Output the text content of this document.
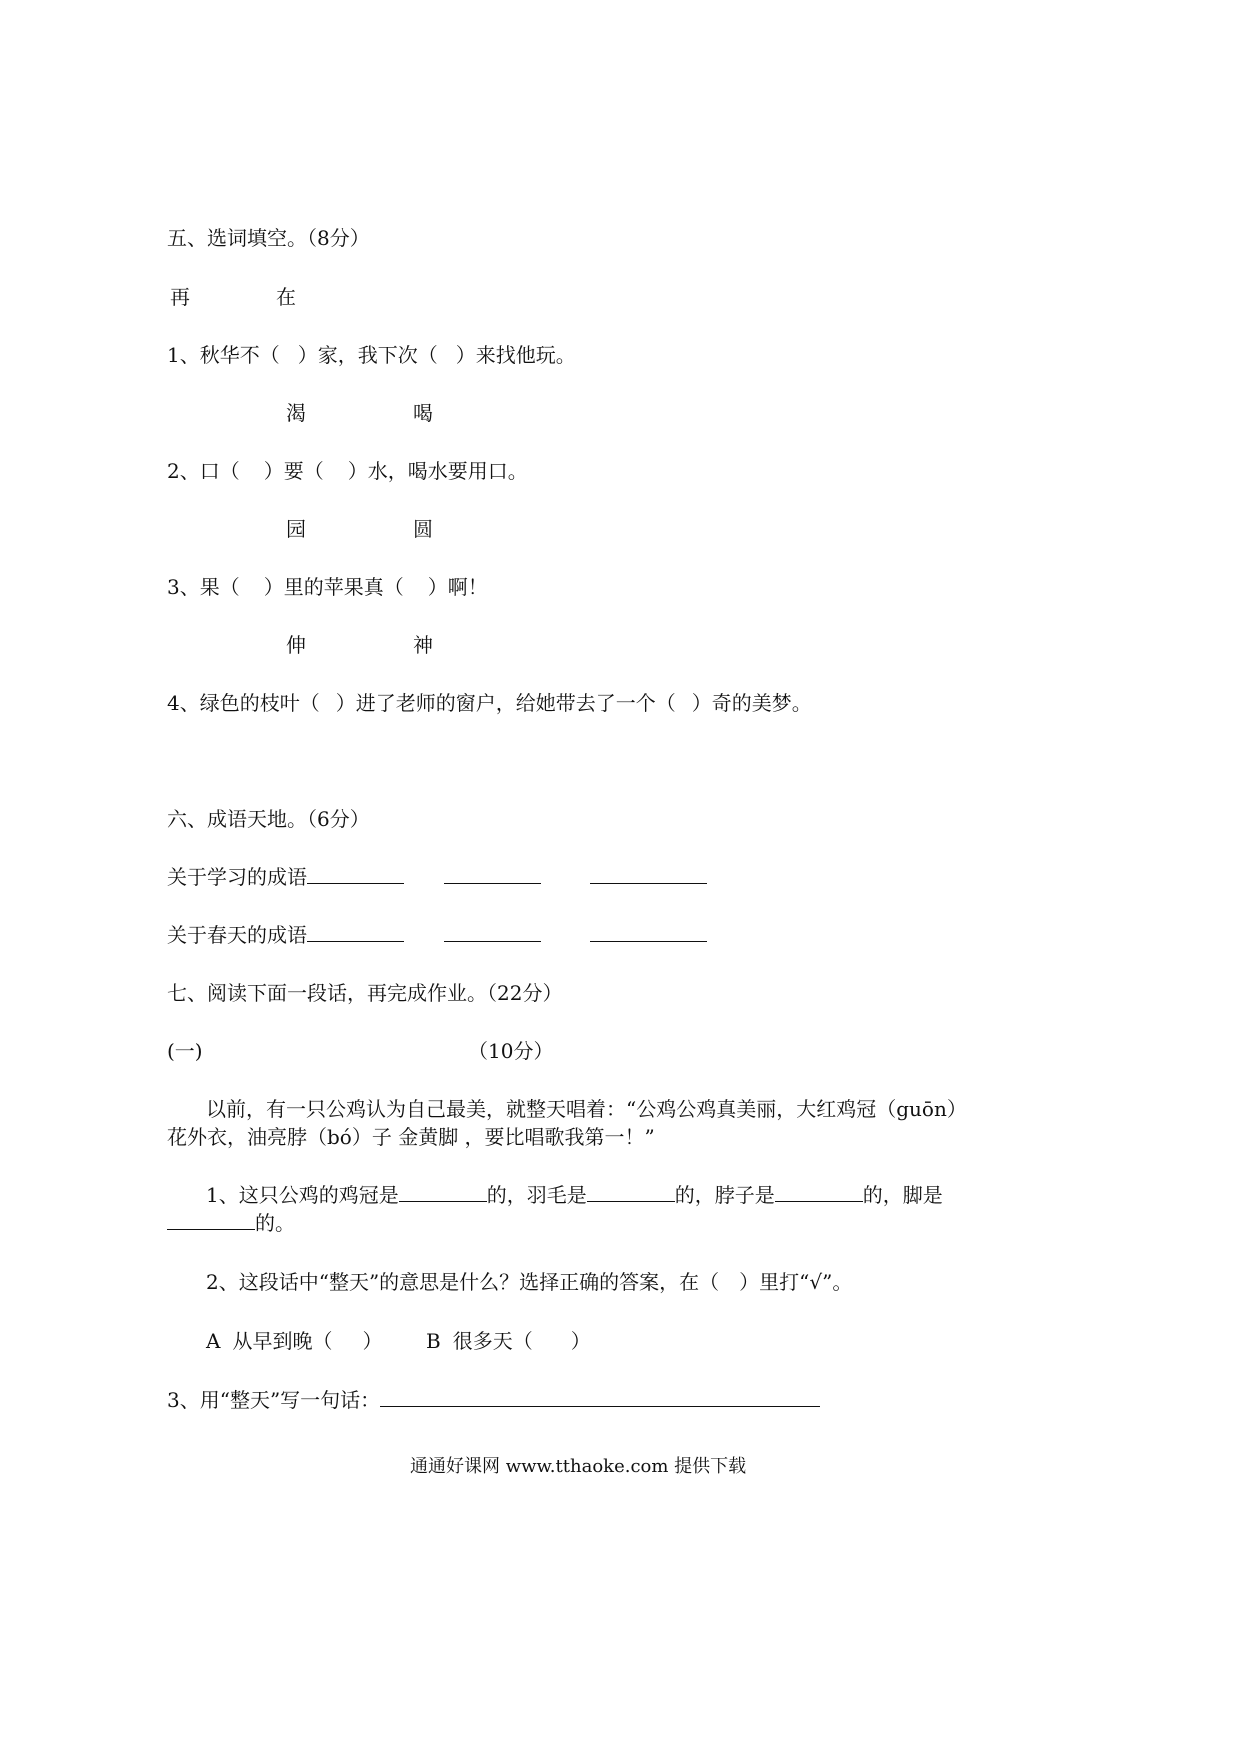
五、选词填空。（8分）
再	在
1、秋华不（ ）家，我下次（ ）来找他玩。
渴	喝
2、口（ ）要（ ）水，喝水要用口。
园	圆
3、果（ ）里的苹果真（ ）啊！
伸	神
4、绿色的枝叶（ ）进了老师的窗户，给她带去了一个（ ）奇的美梦。
六、成语天地。（6分）
关于学习的成语
关于春天的成语
七、阅读下面一段话，再完成作业。（22分）
(一)	（10分）
以前，有一只公鸡认为自己最美，就整天唱着：“公鸡公鸡真美丽，大红鸡冠（guōn）
花外衣，油亮脖（bó）子 金黄脚 ，要比唱歌我第一！”
1、这只公鸡的鸡冠是	的，羽毛是	的，脖子是	的，脚是
的。
2、这段话中“整天”的意思是什么？选择正确的答案，在（　）里打“√”。
A 从早到晚（ ） B 很多天（ ）
3、用“整天”写一句话：
通通好课网 www.tthaoke.com 提供下载
